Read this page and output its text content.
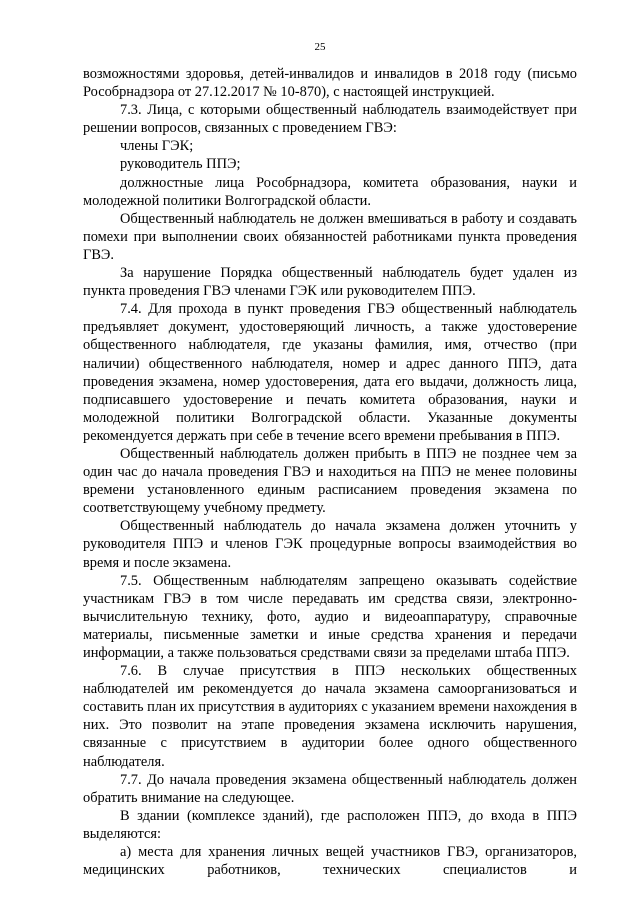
25

возможностями здоровья, детей-инвалидов и инвалидов в 2018 году (письмо Рособрнадзора от 27.12.2017 № 10-870), с настоящей инструкцией.

7.3. Лица, с которыми общественный наблюдатель взаимодействует при решении вопросов, связанных с проведением ГВЭ:

члены ГЭК;

руководитель ППЭ;

должностные лица Рособрнадзора, комитета образования, науки и молодежной политики Волгоградской области.

Общественный наблюдатель не должен вмешиваться в работу и создавать помехи при выполнении своих обязанностей работниками пункта проведения ГВЭ.

За нарушение Порядка общественный наблюдатель будет удален из пункта проведения ГВЭ членами ГЭК или руководителем ППЭ.

7.4. Для прохода в пункт проведения ГВЭ общественный наблюдатель предъявляет документ, удостоверяющий личность, а также удостоверение общественного наблюдателя, где указаны фамилия, имя, отчество (при наличии) общественного наблюдателя, номер и адрес данного ППЭ, дата проведения экзамена, номер удостоверения, дата его выдачи, должность лица, подписавшего удостоверение и печать комитета образования, науки и молодежной политики Волгоградской области. Указанные документы рекомендуется держать при себе в течение всего времени пребывания в ППЭ.

Общественный наблюдатель должен прибыть в ППЭ не позднее чем за один час до начала проведения ГВЭ и находиться на ППЭ не менее половины времени установленного единым расписанием проведения экзамена по соответствующему учебному предмету.

Общественный наблюдатель до начала экзамена должен уточнить у руководителя ППЭ и членов ГЭК процедурные вопросы взаимодействия во время и после экзамена.

7.5. Общественным наблюдателям запрещено оказывать содействие участникам ГВЭ в том числе передавать им средства связи, электронно-вычислительную технику, фото, аудио и видеоаппаратуру, справочные материалы, письменные заметки и иные средства хранения и передачи информации, а также пользоваться средствами связи за пределами штаба ППЭ.

7.6. В случае присутствия в ППЭ нескольких общественных наблюдателей им рекомендуется до начала экзамена самоорганизоваться и составить план их присутствия в аудиториях с указанием времени нахождения в них. Это позволит на этапе проведения экзамена исключить нарушения, связанные с присутствием в аудитории более одного общественного наблюдателя.

7.7. До начала проведения экзамена общественный наблюдатель должен обратить внимание на следующее.

В здании (комплексе зданий), где расположен ППЭ, до входа в ППЭ выделяются:

а) места для хранения личных вещей участников ГВЭ, организаторов, медицинских работников, технических специалистов и
